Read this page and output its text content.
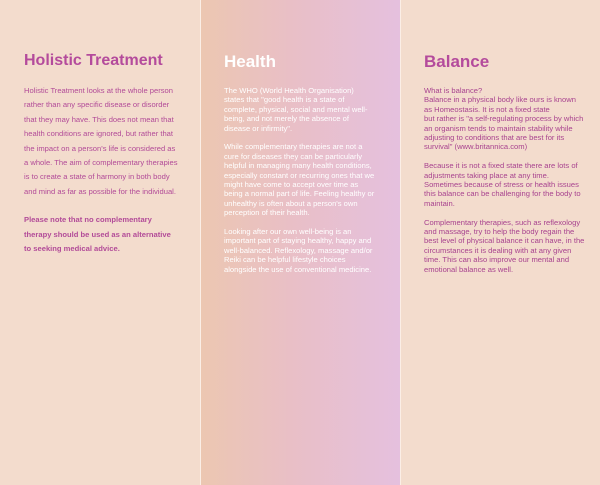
Holistic Treatment

Holistic Treatment looks at the whole person rather than any specific disease or disorder that they may have. This does not mean that health conditions are ignored, but rather that the impact on a person's life is considered as a whole. The aim of complementary therapies is to create a state of harmony in both body and mind as far as possible for the individual.

Please note that no complementary therapy should be used as an alternative to seeking medical advice.

Health

The WHO (World Health Organisation) states that "good health is a state of complete, physical, social and mental well-being, and not merely the absence of disease or infirmity".

While complementary therapies are not a cure for diseases they can be particularly helpful in managing many health conditions, especially constant or recurring ones that we might have come to accept over time as being a normal part of life. Feeling healthy or unhealthy is often about a person's own perception of their health.

Looking after our own well-being is an important part of staying healthy, happy and well-balanced. Reflexology, massage and/or Reiki can be helpful lifestyle choices alongside the use of conventional medicine.

Balance

What is balance?
Balance in a physical body like ours is known as Homeostasis. It is not a fixed state
but rather is "a self-regulating process by which an organism tends to maintain stability while adjusting to conditions that are best for its
survival" (www.britannica.com)

Because it is not a fixed state there are lots of adjustments taking place at any time. Sometimes because of stress or health issues this balance can be challenging for the body to maintain.

Complementary therapies, such as reflexology and massage, try to help the body regain the best level of physical balance it can have, in the circumstances it is dealing with at any given time. This can also improve our mental and emotional balance as well.
